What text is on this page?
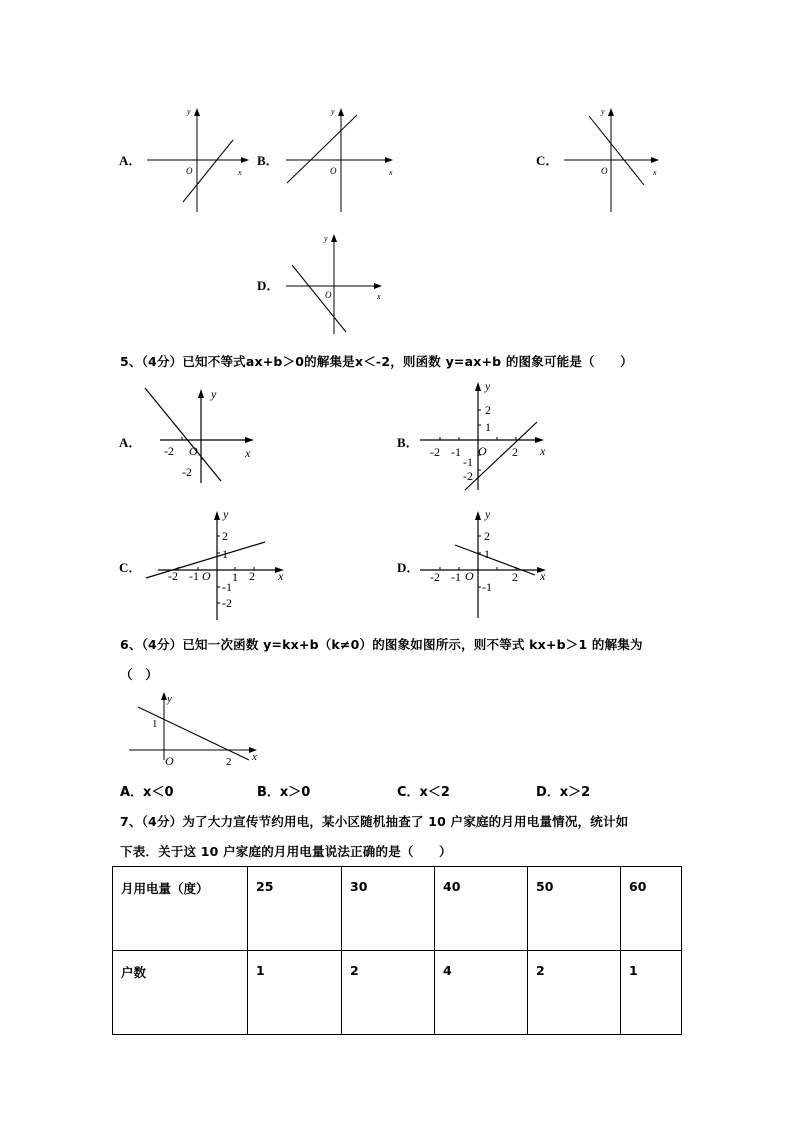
A．
y
x
O
B．
y
x
O
C．
y
x
O
D．
y
x
O
5、（4分）已知不等式ax+b＞0的解集是x＜-2，则函数 y=ax+b 的图象可能是（　　）
A．
y
x
O
-2
-2
B．
y
x
O
-2 -1	2
2
1
-1
-2
C．
y
x
O
-2 -1	1 2
2
1
-1
-2
D．
y
x
O
-2 -1	2
2
1
-1
6、（4分）已知一次函数 y=kx+b（k≠0）的图象如图所示，则不等式 kx+b＞1 的解集为
（　）
y
x
O
1
2
A．x＜0	B．x＞0	C．x＜2	D．x＞2
7、（4分）为了大力宣传节约用电，某小区随机抽查了 10 户家庭的月用电量情况，统计如
下表．关于这 10 户家庭的月用电量说法正确的是（　　）
月用电量（度）	25	30	40	50	60
户数	1	2	4	2	1
